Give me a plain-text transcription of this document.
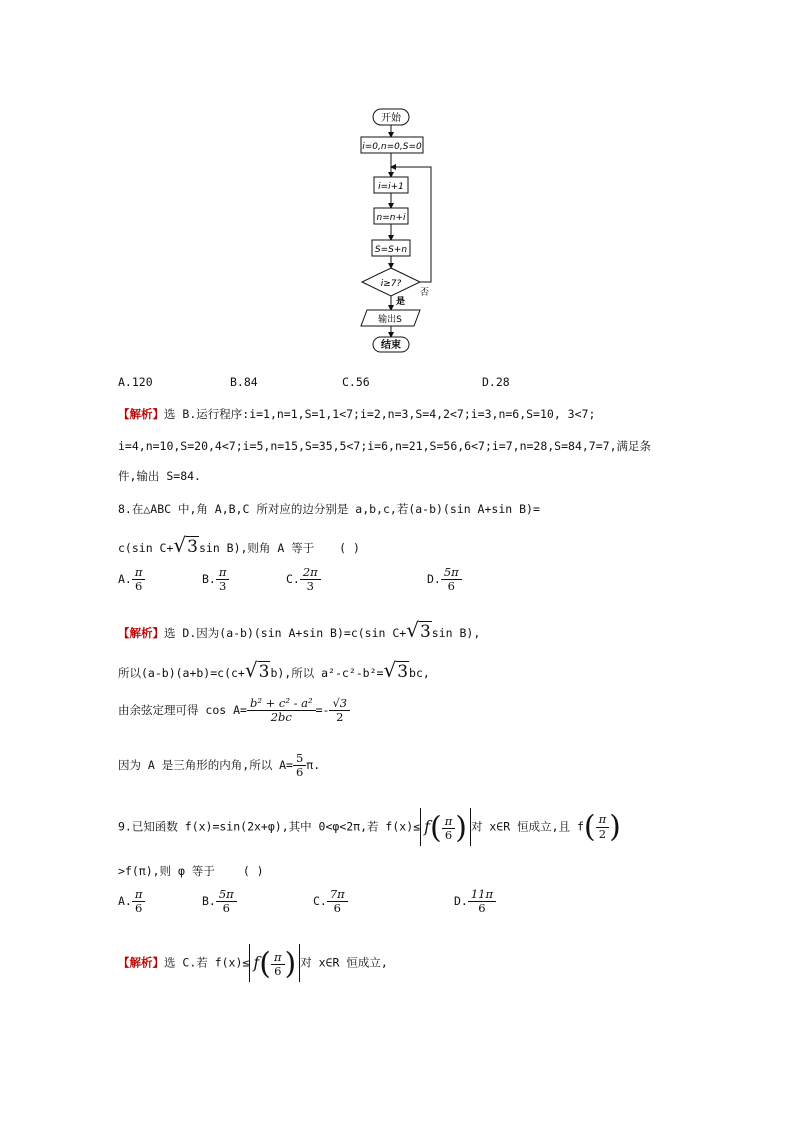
开始
i=0,n=0,S=0
i=i+1
n=n+i
S=S+n
i≥7?
否
是
输出S
结束
A.120	B.84	C.56	D.28
【解析】选 B.运行程序:i=1,n=1,S=1,1<7;i=2,n=3,S=4,2<7;i=3,n=6,S=10, 3<7;
i=4,n=10,S=20,4<7;i=5,n=15,S=35,5<7;i=6,n=21,S=56,6<7;i=7,n=28,S=84,7=7,满足条
件,输出 S=84.
8.在△ABC 中,角 A,B,C 所对应的边分别是 a,b,c,若(a-b)(sin A+sin B)=
c(sin C+√3sin B),则角 A 等于 ( )
A. $\frac{\pi}{6}$	B. $\frac{\pi}{3}$	C. $\frac{2\pi}{3}$	D. $\frac{5\pi}{6}$
【解析】选 D.因为(a-b)(sin A+sin B)=c(sin C+√3sin B),
所以(a-b)(a+b)=c(c+√3b),所以 a²-c²-b²=√3bc,
由余弦定理可得 $\cos A= \frac{\text{b² + c² - a²}}{2bc} =- \frac{√3}{2}$
因为 A 是三角形的内角,所以 $A= \frac{5}{6} \pi$.
9.已知函数 f(x)=sin(2x+φ),其中 0<φ<2π,若 $f(x)\le f( \frac{\pi}{6}$ ) 对 x∈R 恒成立,且 $f( \frac{\pi}{2}$ )
>f(π),则 φ 等于 ( )
A. $\frac{\pi}{6}$	B. $\frac{5\pi}{6}$	C. $\frac{7\pi}{6}$	D. $\frac{11\pi}{6}$
【解析】选 C.若 $f(x)\le f( \frac{\pi}{6}$ ) 对 x∈R 恒成立,
